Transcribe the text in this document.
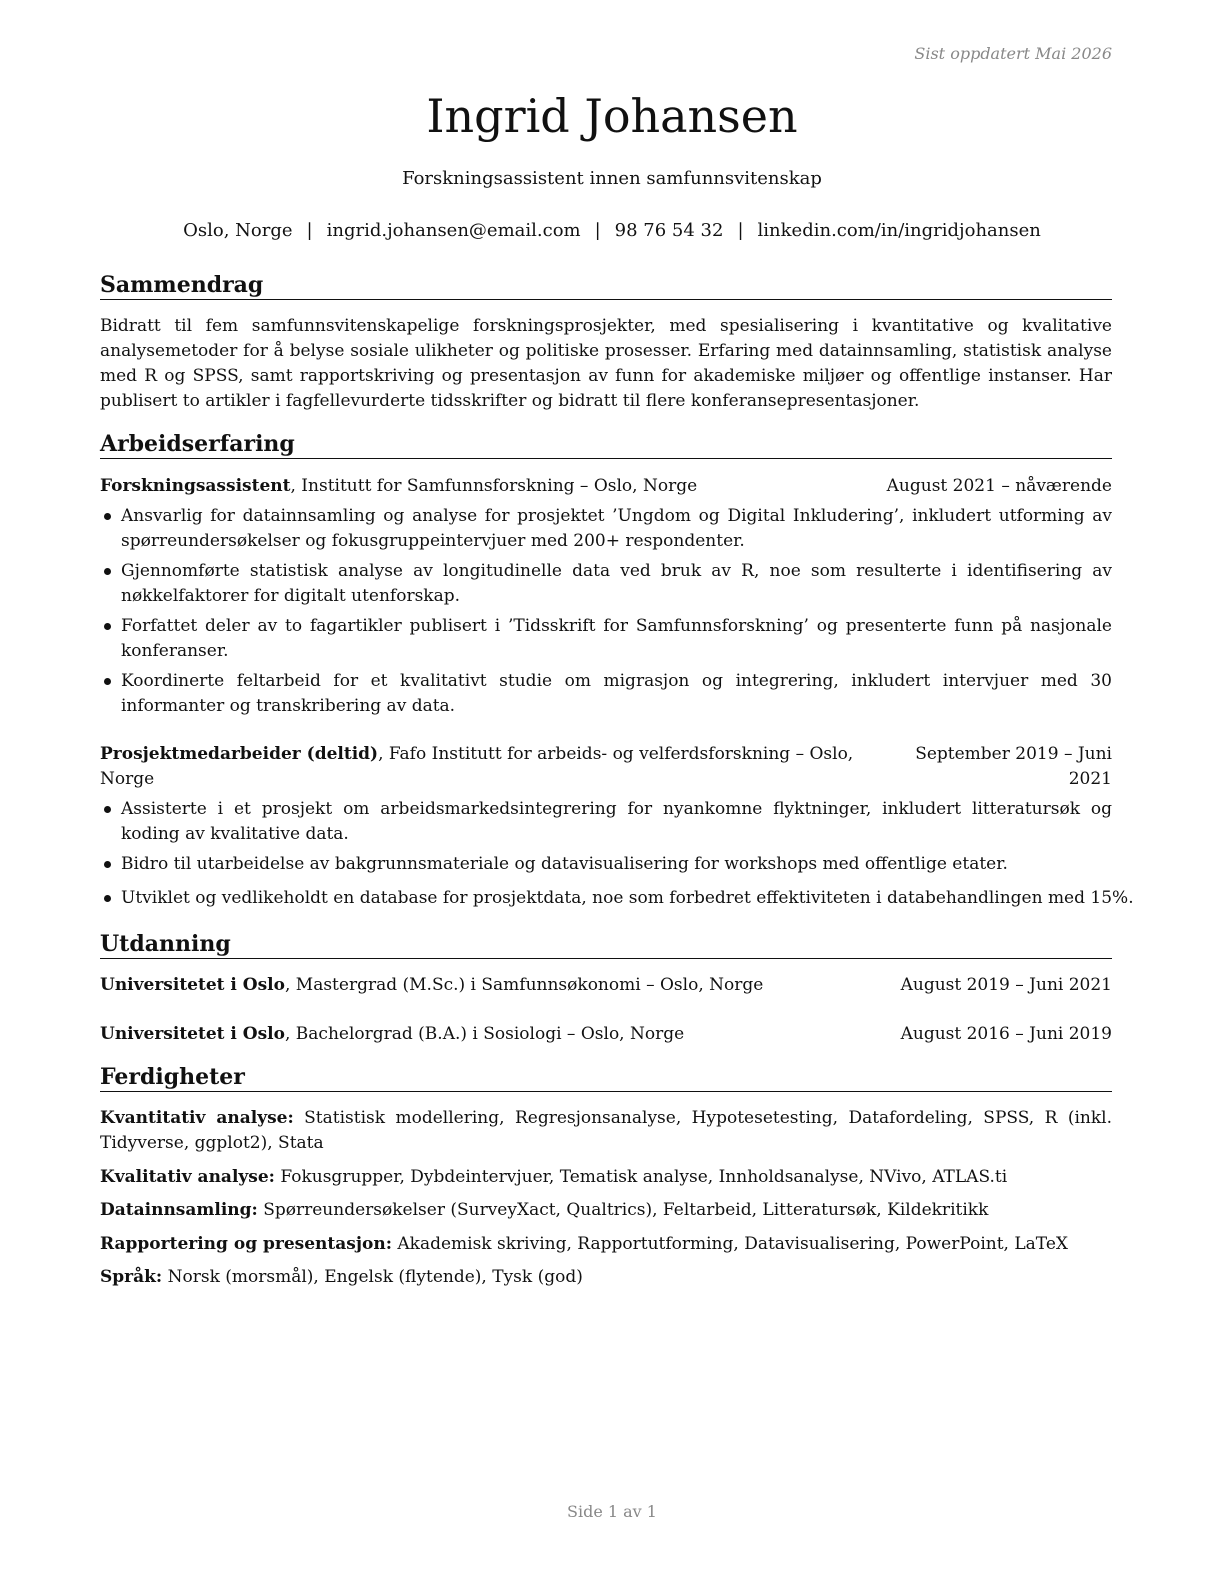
Sist oppdatert Mai 2026
Ingrid Johansen
Forskningsassistent innen samfunnsvitenskap
Oslo, Norge | ingrid.johansen@email.com | 98 76 54 32 | linkedin.com/in/ingridjohansen
Sammendrag
Bidratt til fem samfunnsvitenskapelige forskningsprosjekter, med spesialisering i kvantitative og kvalitative analysemetoder for å belyse sosiale ulikheter og politiske prosesser. Erfaring med datainnsamling, statistisk analyse med R og SPSS, samt rapportskriving og presentasjon av funn for akademiske miljøer og offentlige instanser. Har publisert to artikler i fagfellevurderte tidsskrifter og bidratt til flere konferansepresentasjoner.
Arbeidserfaring
Forskningsassistent, Institutt for Samfunnsforskning – Oslo, Norge	August 2021 – nåværende
Ansvarlig for datainnsamling og analyse for prosjektet ’Ungdom og Digital Inkludering’, inkludert utforming av spørreundersøkelser og fokusgruppeintervjuer med 200+ respondenter.
Gjennomførte statistisk analyse av longitudinelle data ved bruk av R, noe som resulterte i identifisering av nøkkelfaktorer for digitalt utenforskap.
Forfattet deler av to fagartikler publisert i ’Tidsskrift for Samfunnsforskning’ og presenterte funn på nasjonale konferanser.
Koordinerte feltarbeid for et kvalitativt studie om migrasjon og integrering, inkludert intervjuer med 30 informanter og transkribering av data.
Prosjektmedarbeider (deltid), Fafo Institutt for arbeids- og velferdsforskning – Oslo,
Norge
September 2019 – Juni
2021
Assisterte i et prosjekt om arbeidsmarkedsintegrering for nyankomne flyktninger, inkludert litteratursøk og koding av kvalitative data.
Bidro til utarbeidelse av bakgrunnsmateriale og datavisualisering for workshops med offentlige etater.
Utviklet og vedlikeholdt en database for prosjektdata, noe som forbedret effektiviteten i databehandlingen med 15%.
Utdanning
Universitetet i Oslo, Mastergrad (M.Sc.) i Samfunnsøkonomi – Oslo, Norge	August 2019 – Juni 2021
Universitetet i Oslo, Bachelorgrad (B.A.) i Sosiologi – Oslo, Norge	August 2016 – Juni 2019
Ferdigheter
Kvantitativ analyse: Statistisk modellering, Regresjonsanalyse, Hypotesetesting, Datafordeling, SPSS, R (inkl. Tidyverse, ggplot2), Stata
Kvalitativ analyse: Fokusgrupper, Dybdeintervjuer, Tematisk analyse, Innholdsanalyse, NVivo, ATLAS.ti
Datainnsamling: Spørreundersøkelser (SurveyXact, Qualtrics), Feltarbeid, Litteratursøk, Kildekritikk
Rapportering og presentasjon: Akademisk skriving, Rapportutforming, Datavisualisering, PowerPoint, LaTeX
Språk: Norsk (morsmål), Engelsk (flytende), Tysk (god)
Side 1 av 1
